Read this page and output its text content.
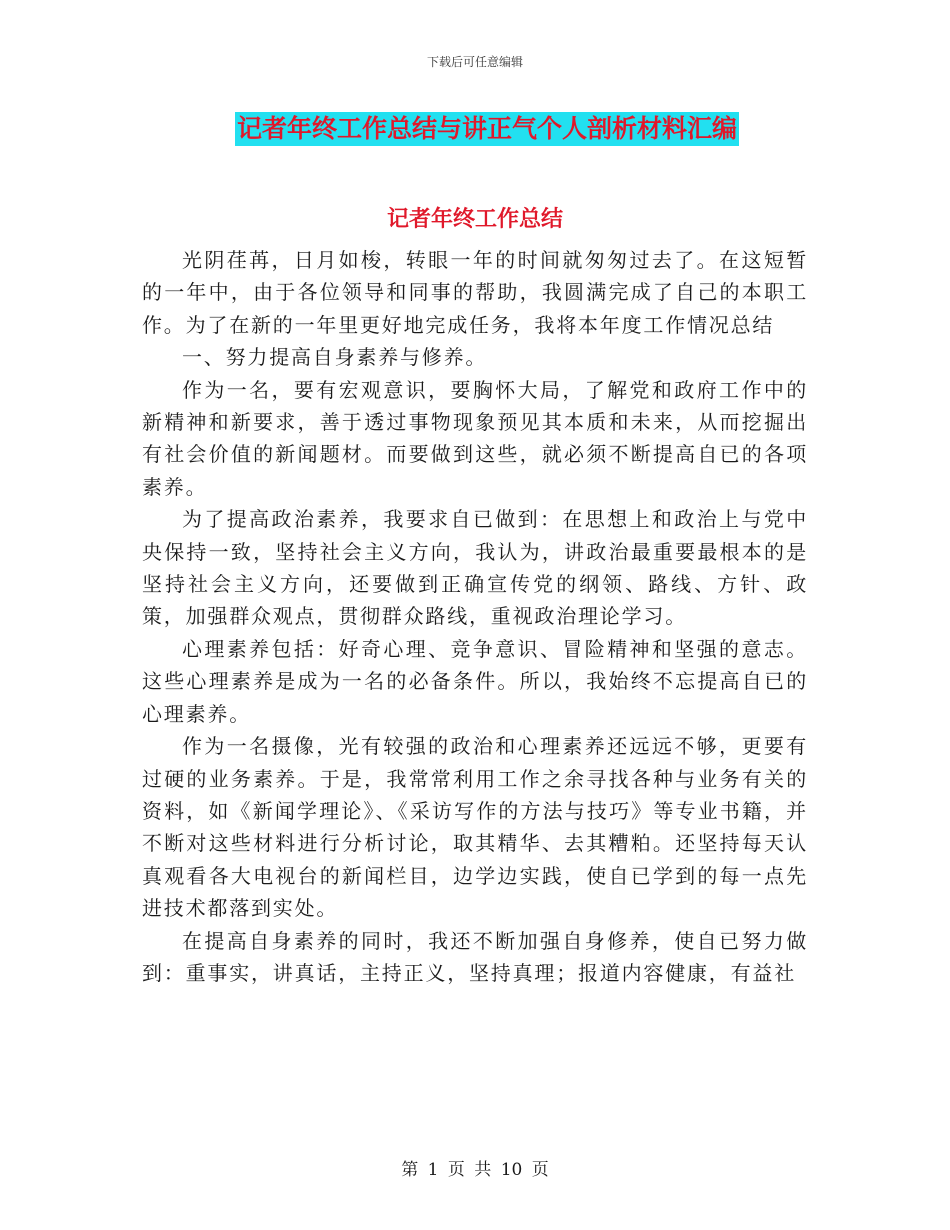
下载后可任意编辑
记者年终工作总结与讲正气个人剖析材料汇编
记者年终工作总结

光阴荏苒，日月如梭，转眼一年的时间就匆匆过去了。在这短暂的一年中，由于各位领导和同事的帮助，我圆满完成了自己的本职工作。为了在新的一年里更好地完成任务，我将本年度工作情况总结

一、努力提高自身素养与修养。

作为一名，要有宏观意识，要胸怀大局，了解党和政府工作中的新精神和新要求，善于透过事物现象预见其本质和未来，从而挖掘出有社会价值的新闻题材。而要做到这些，就必须不断提高自已的各项素养。

为了提高政治素养，我要求自已做到：在思想上和政治上与党中央保持一致，坚持社会主义方向，我认为，讲政治最重要最根本的是坚持社会主义方向，还要做到正确宣传党的纲领、路线、方针、政策，加强群众观点，贯彻群众路线，重视政治理论学习。

心理素养包括：好奇心理、竞争意识、冒险精神和坚强的意志。这些心理素养是成为一名的必备条件。所以，我始终不忘提高自已的心理素养。

作为一名摄像，光有较强的政治和心理素养还远远不够，更要有过硬的业务素养。于是，我常常利用工作之余寻找各种与业务有关的资料，如《新闻学理论》、《采访写作的方法与技巧》等专业书籍，并不断对这些材料进行分析讨论，取其精华、去其糟粕。还坚持每天认真观看各大电视台的新闻栏目，边学边实践，使自已学到的每一点先进技术都落到实处。

在提高自身素养的同时，我还不断加强自身修养，使自已努力做到：重事实，讲真话，主持正义，坚持真理；报道内容健康，有益社

第 1 页 共 10 页
